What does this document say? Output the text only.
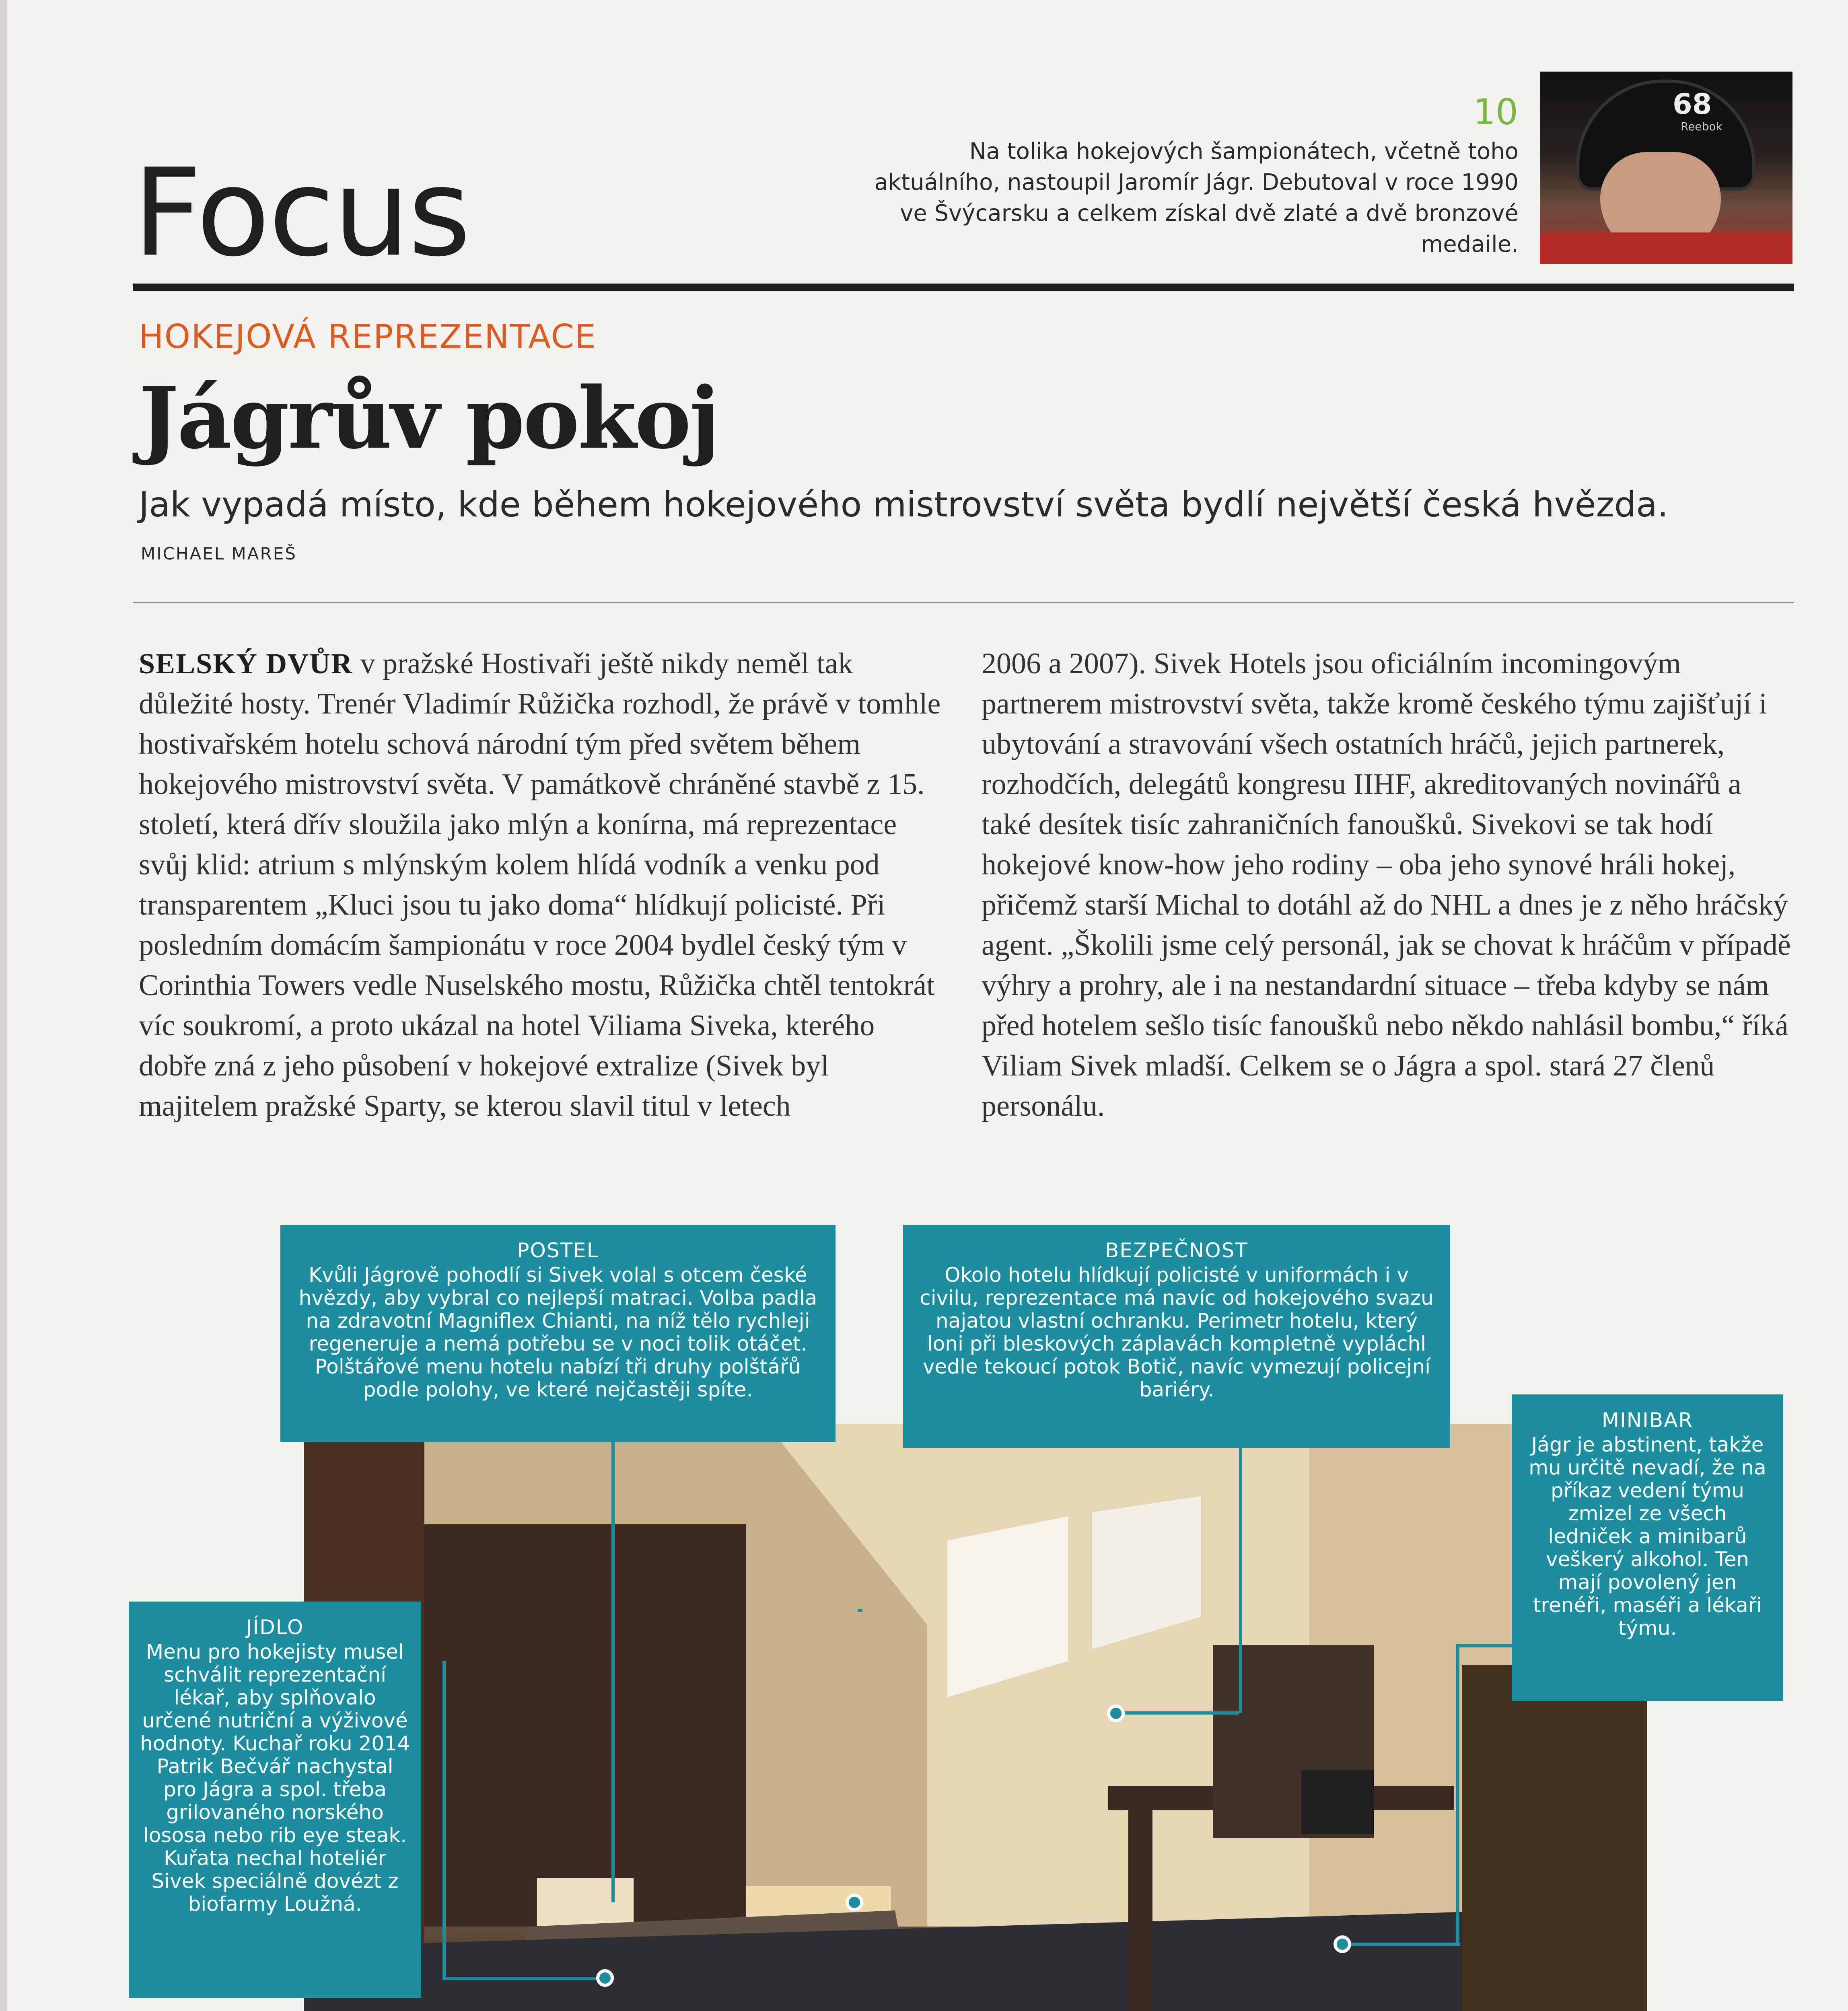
Focus
10
Na tolika hokejových šampionátech, včetně toho aktuálního, nastoupil Jaromír Jágr. Debutoval v roce 1990 ve Švýcarsku a celkem získal dvě zlaté a dvě bronzové medaile.
68
Reebok
HOKEJOVÁ REPREZENTACE
Jágrův pokoj
Jak vypadá místo, kde během hokejového mistrovství světa bydlí největší česká hvězda.
MICHAEL MAREŠ
SELSKÝ DVŮR v pražské Hostivaři ještě nikdy neměl tak důležité hosty. Trenér Vladimír Růžička rozhodl, že právě v tomhle hostivařském hotelu schová národní tým před světem během hokejového mistrovství světa. V památkově chráněné stavbě z 15. století, která dřív sloužila jako mlýn a konírna, má reprezentace svůj klid: atrium s mlýnským kolem hlídá vodník a venku pod transparentem „Kluci jsou tu jako doma“ hlídkují policisté. Při posledním domácím šampionátu v roce 2004 bydlel český tým v Corinthia Towers vedle Nuselského mostu, Růžička chtěl tentokrát víc soukromí, a proto ukázal na hotel Viliama Siveka, kterého dobře zná z jeho působení v hokejové extralize (Sivek byl majitelem pražské Sparty, se kterou slavil titul v letech
2006 a 2007). Sivek Hotels jsou oficiálním incomingovým partnerem mistrovství světa, takže kromě českého týmu zajišťují i ubytování a stravování všech ostatních hráčů, jejich partnerek, rozhodčích, delegátů kongresu IIHF, akreditovaných novinářů a také desítek tisíc zahraničních fanoušků. Sivekovi se tak hodí hokejové know-how jeho rodiny – oba jeho synové hráli hokej, přičemž starší Michal to dotáhl až do NHL a dnes je z něho hráčský agent. „Školili jsme celý personál, jak se chovat k hráčům v případě výhry a prohry, ale i na nestandardní situace – třeba kdyby se nám před hotelem sešlo tisíc fanoušků nebo někdo nahlásil bombu,“ říká Viliam Sivek mladší. Celkem se o Jágra a spol. stará 27 členů personálu.
POSTEL
Kvůli Jágrově pohodlí si Sivek volal s otcem české hvězdy, aby vybral co nejlepší matraci. Volba padla na zdravotní Magniflex Chianti, na níž tělo rychleji regeneruje a nemá potřebu se v noci tolik otáčet. Polštářové menu hotelu nabízí tři druhy polštářů podle polohy, ve které nejčastěji spíte.
BEZPEČNOST
Okolo hotelu hlídkují policisté v uniformách i v civilu, reprezentace má navíc od hokejového svazu najatou vlastní ochranku. Perimetr hotelu, který loni při bleskových záplavách kompletně vypláchl vedle tekoucí potok Botič, navíc vymezují policejní bariéry.
MINIBAR
Jágr je abstinent, takže mu určitě nevadí, že na příkaz vedení týmu zmizel ze všech ledniček a minibarů veškerý alkohol. Ten mají povolený jen trenéři, maséři a lékaři týmu.
JÍDLO
Menu pro hokejisty musel schválit reprezentační lékař, aby splňovalo určené nutriční a výživové hodnoty. Kuchař roku 2014 Patrik Bečvář nachystal pro Jágra a spol. třeba grilovaného norského lososa nebo rib eye steak. Kuřata nechal hoteliér Sivek speciálně dovézt z biofarmy Loužná.
